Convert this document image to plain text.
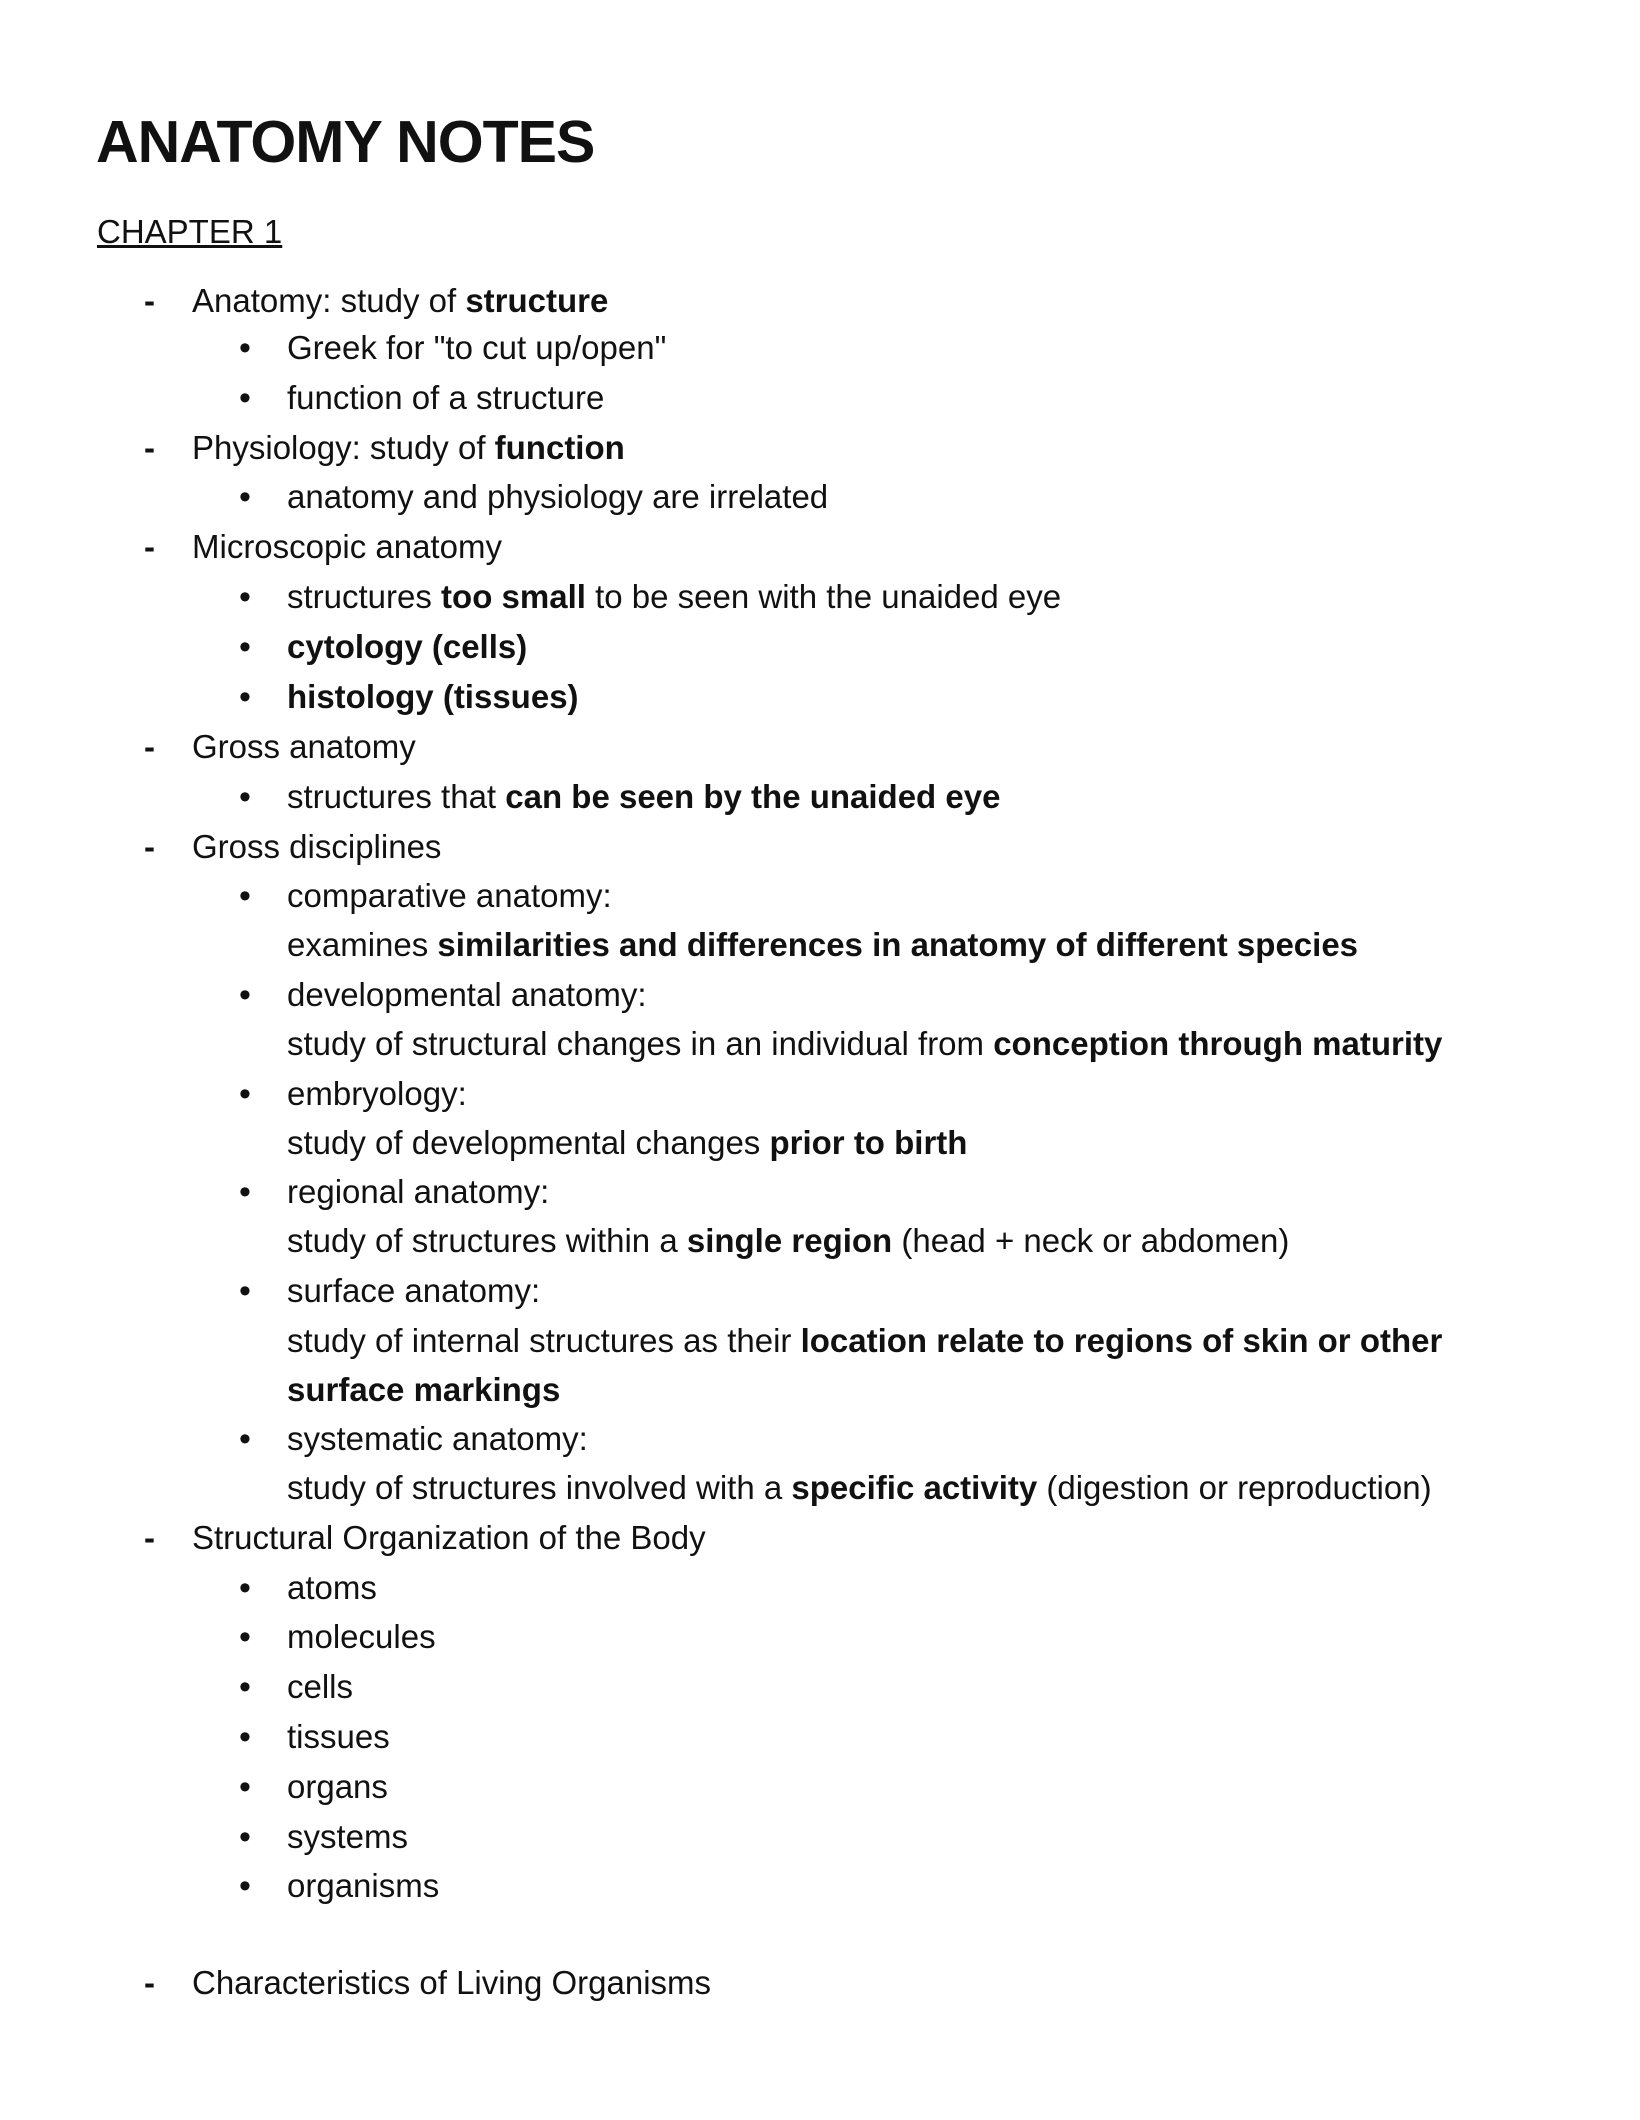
ANATOMY NOTES
CHAPTER 1
- Anatomy: study of structure
• Greek for "to cut up/open"
• function of a structure
- Physiology: study of function
• anatomy and physiology are irrelated
- Microscopic anatomy
• structures too small to be seen with the unaided eye
• cytology (cells)
• histology (tissues)
- Gross anatomy
• structures that can be seen by the unaided eye
- Gross disciplines
• comparative anatomy:
examines similarities and differences in anatomy of different species
• developmental anatomy:
study of structural changes in an individual from conception through maturity
• embryology:
study of developmental changes prior to birth
• regional anatomy:
study of structures within a single region (head + neck or abdomen)
• surface anatomy:
study of internal structures as their location relate to regions of skin or other
surface markings
• systematic anatomy:
study of structures involved with a specific activity (digestion or reproduction)
- Structural Organization of the Body
• atoms
• molecules
• cells
• tissues
• organs
• systems
• organisms
- Characteristics of Living Organisms
